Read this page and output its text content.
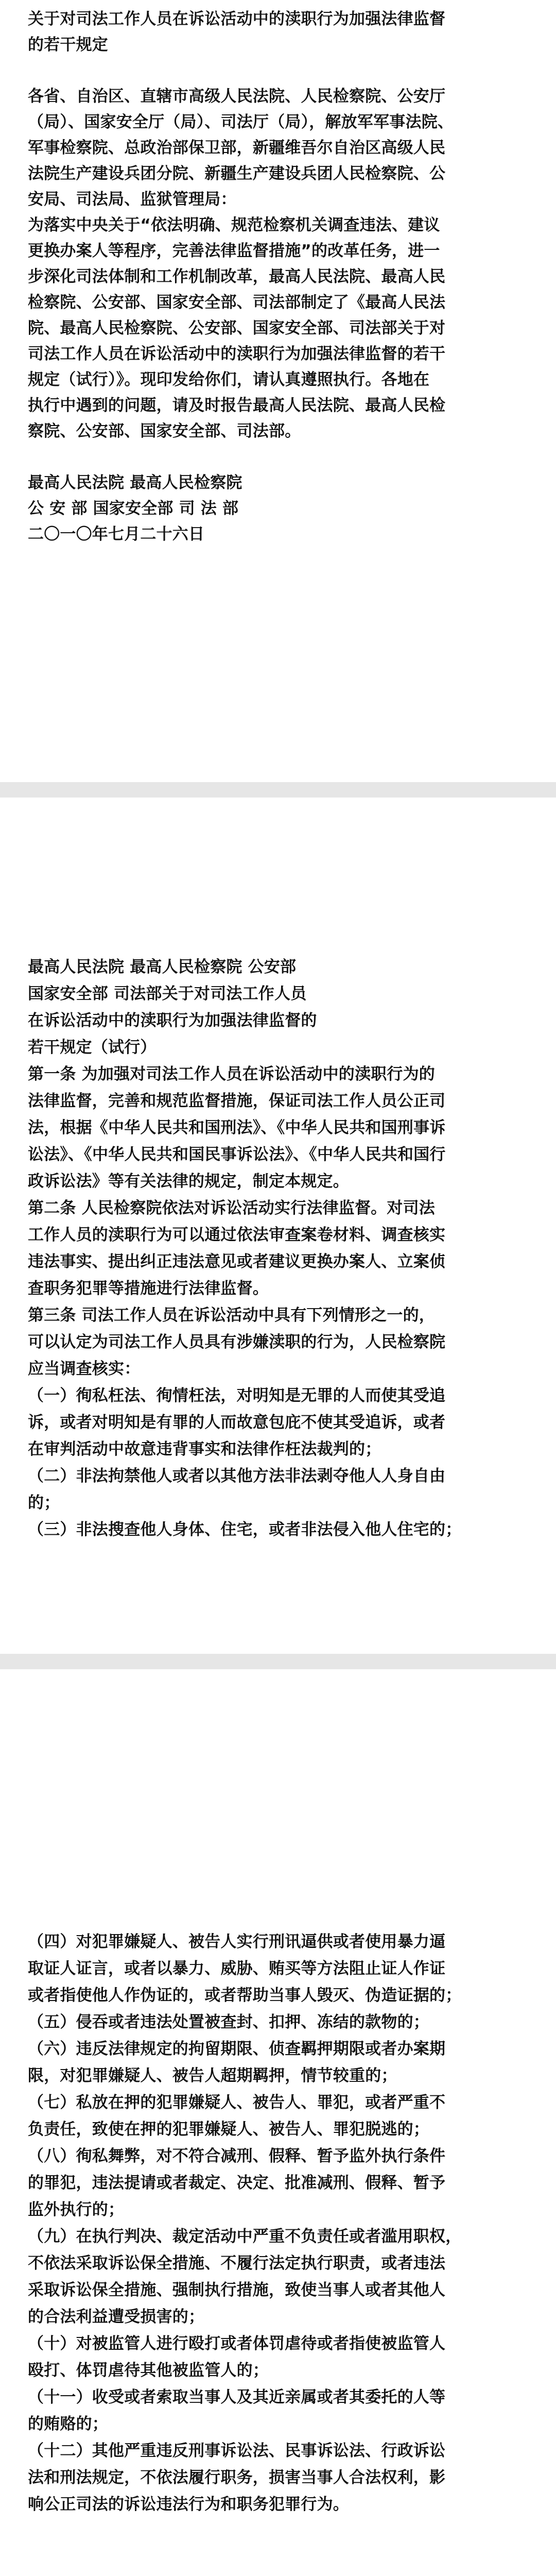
关于对司法工作人员在诉讼活动中的渎职行为加强法律监督
的若干规定
各省、自治区、直辖市高级人民法院、人民检察院、公安厅
（局）、国家安全厅（局）、司法厅（局），解放军军事法院、
军事检察院、总政治部保卫部，新疆维吾尔自治区高级人民
法院生产建设兵团分院、新疆生产建设兵团人民检察院、公
安局、司法局、监狱管理局：
为落实中央关于“依法明确、规范检察机关调查违法、建议
更换办案人等程序，完善法律监督措施”的改革任务，进一
步深化司法体制和工作机制改革，最高人民法院、最高人民
检察院、公安部、国家安全部、司法部制定了《最高人民法
院、最高人民检察院、公安部、国家安全部、司法部关于对
司法工作人员在诉讼活动中的渎职行为加强法律监督的若干
规定（试行）》。现印发给你们，请认真遵照执行。各地在
执行中遇到的问题，请及时报告最高人民法院、最高人民检
察院、公安部、国家安全部、司法部。
最高人民法院 最高人民检察院
公 安 部 国家安全部 司 法 部
二〇一〇年七月二十六日
最高人民法院 最高人民检察院 公安部
国家安全部 司法部关于对司法工作人员
在诉讼活动中的渎职行为加强法律监督的
若干规定（试行）
第一条 为加强对司法工作人员在诉讼活动中的渎职行为的
法律监督，完善和规范监督措施，保证司法工作人员公正司
法，根据《中华人民共和国刑法》、《中华人民共和国刑事诉
讼法》、《中华人民共和国民事诉讼法》、《中华人民共和国行
政诉讼法》等有关法律的规定，制定本规定。
第二条 人民检察院依法对诉讼活动实行法律监督。对司法
工作人员的渎职行为可以通过依法审查案卷材料、调查核实
违法事实、提出纠正违法意见或者建议更换办案人、立案侦
查职务犯罪等措施进行法律监督。
第三条 司法工作人员在诉讼活动中具有下列情形之一的，
可以认定为司法工作人员具有涉嫌渎职的行为，人民检察院
应当调查核实：
（一）徇私枉法、徇情枉法，对明知是无罪的人而使其受追
诉，或者对明知是有罪的人而故意包庇不使其受追诉，或者
在审判活动中故意违背事实和法律作枉法裁判的；
（二）非法拘禁他人或者以其他方法非法剥夺他人人身自由
的；
（三）非法搜查他人身体、住宅，或者非法侵入他人住宅的；
（四）对犯罪嫌疑人、被告人实行刑讯逼供或者使用暴力逼
取证人证言，或者以暴力、威胁、贿买等方法阻止证人作证
或者指使他人作伪证的，或者帮助当事人毁灭、伪造证据的；
（五）侵吞或者违法处置被查封、扣押、冻结的款物的；
（六）违反法律规定的拘留期限、侦查羁押期限或者办案期
限，对犯罪嫌疑人、被告人超期羁押，情节较重的；
（七）私放在押的犯罪嫌疑人、被告人、罪犯，或者严重不
负责任，致使在押的犯罪嫌疑人、被告人、罪犯脱逃的；
（八）徇私舞弊，对不符合减刑、假释、暂予监外执行条件
的罪犯，违法提请或者裁定、决定、批准减刑、假释、暂予
监外执行的；
（九）在执行判决、裁定活动中严重不负责任或者滥用职权，
不依法采取诉讼保全措施、不履行法定执行职责，或者违法
采取诉讼保全措施、强制执行措施，致使当事人或者其他人
的合法利益遭受损害的；
（十）对被监管人进行殴打或者体罚虐待或者指使被监管人
殴打、体罚虐待其他被监管人的；
（十一）收受或者索取当事人及其近亲属或者其委托的人等
的贿赂的；
（十二）其他严重违反刑事诉讼法、民事诉讼法、行政诉讼
法和刑法规定，不依法履行职务，损害当事人合法权利，影
响公正司法的诉讼违法行为和职务犯罪行为。
